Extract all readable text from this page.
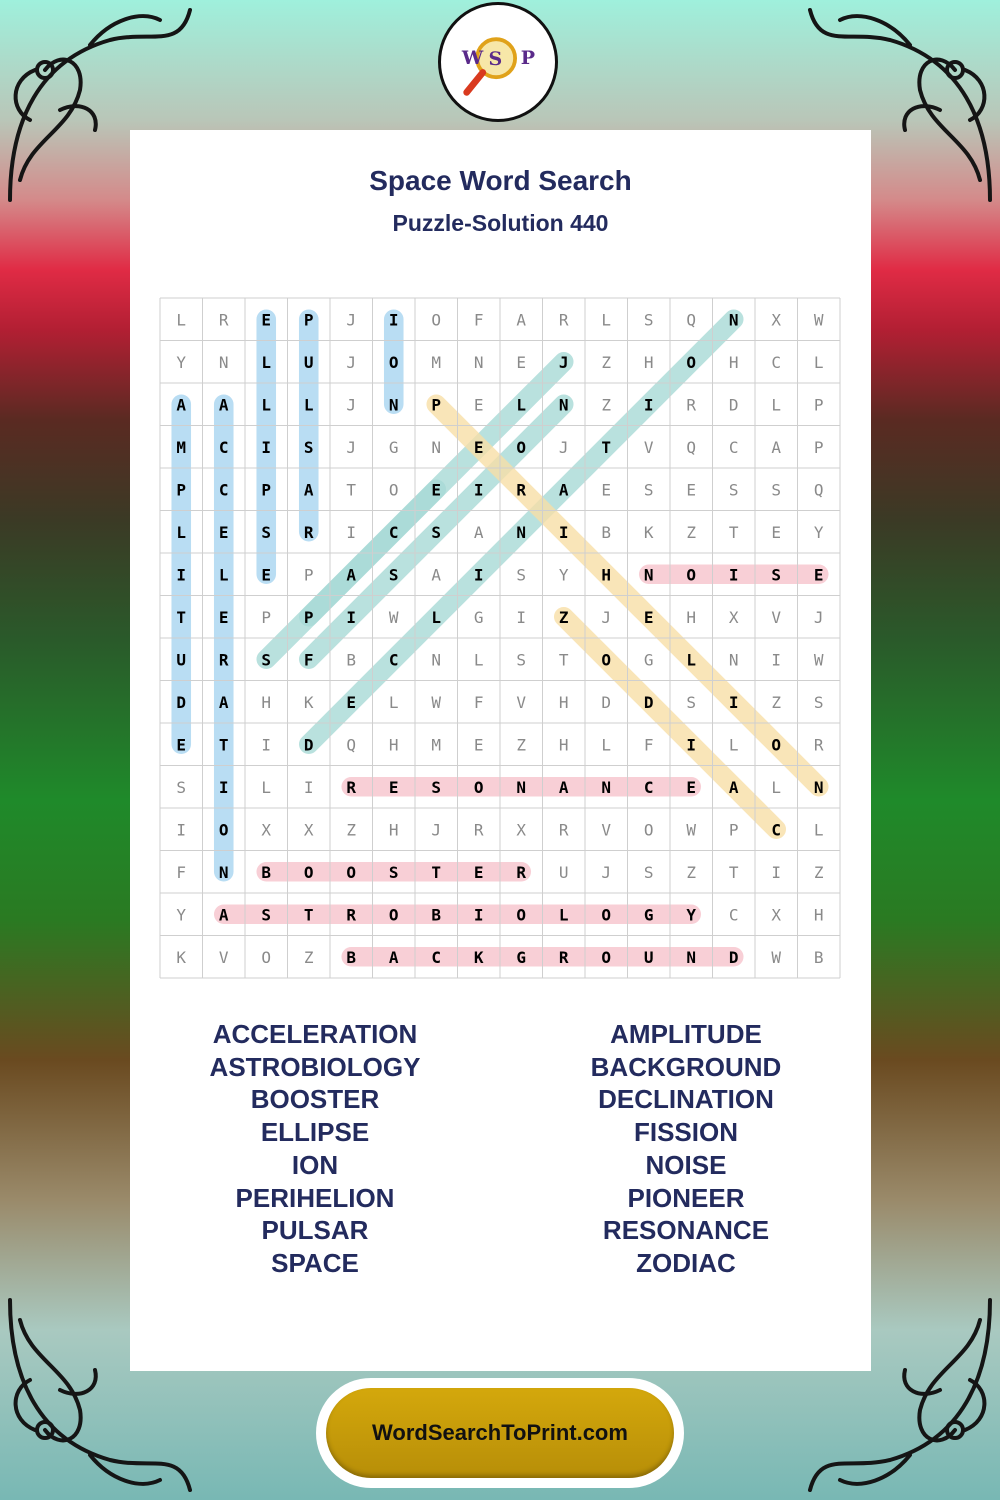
W S P
Space Word Search
Puzzle-Solution 440
L R E P J I O F A R L S Q N X W
Y N L U J O M N E J Z H O H C L
A A L L J N P E L N Z I R D L P
M C I S J G N E O J T V Q C A P
P C P A T O E I R A E S E S S Q
L E S R I C S A N I B K Z T E Y
I L E P A S A I S Y H N O I S E
T E P P I W L G I Z J E H X V J
U R S F B C N L S T O G L N I W
D A H K E L W F V H D D S I Z S
E T I D Q H M E Z H L F I L O R
S I L I R E S O N A N C E A L N
I O X X Z H J R X R V O W P C L
F N B O O S T E R U J S Z T I Z
Y A S T R O B I O L O G Y C X H
K V O Z B A C K G R O U N D W B
ACCELERATION
ASTROBIOLOGY
BOOSTER
ELLIPSE
ION
PERIHELION
PULSAR
SPACE
AMPLITUDE
BACKGROUND
DECLINATION
FISSION
NOISE
PIONEER
RESONANCE
ZODIAC
WordSearchToPrint.com
